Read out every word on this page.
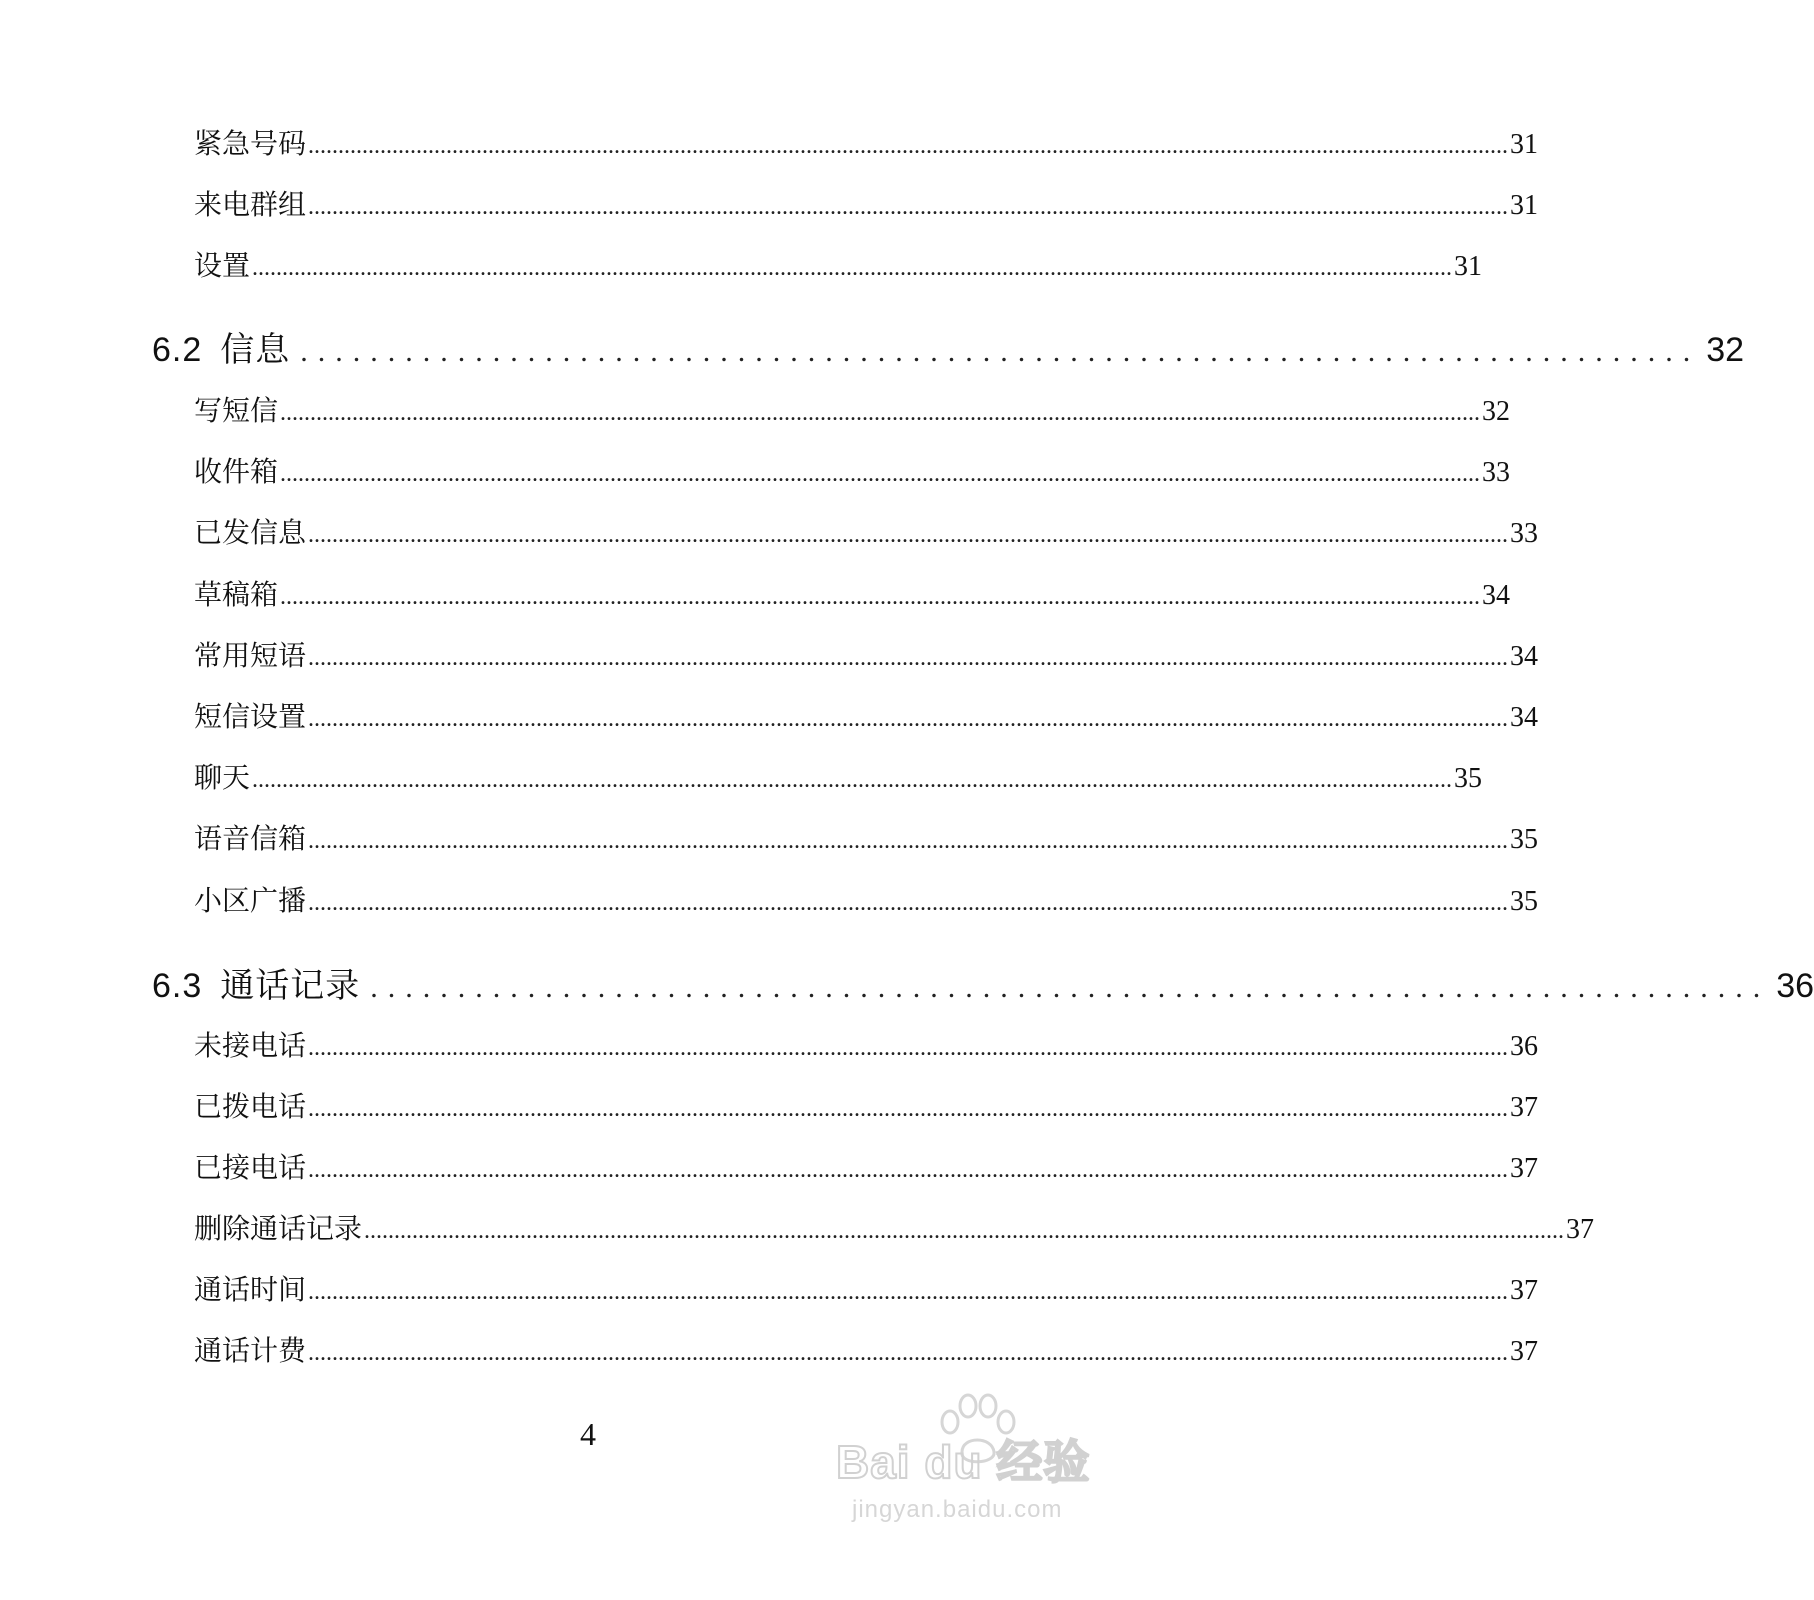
紧急号码 ........................................................................................................................................................................................................ 31
来电群组 ........................................................................................................................................................................................................ 31
设置 ........................................................................................................................................................................................................ 31
6.2 信息 ................................................................................ 32
写短信 ........................................................................................................................................................................................................ 32
收件箱 ........................................................................................................................................................................................................ 33
已发信息 ........................................................................................................................................................................................................ 33
草稿箱 ........................................................................................................................................................................................................ 34
常用短语 ........................................................................................................................................................................................................ 34
短信设置 ........................................................................................................................................................................................................ 34
聊天 ........................................................................................................................................................................................................ 35
语音信箱 ........................................................................................................................................................................................................ 35
小区广播 ........................................................................................................................................................................................................ 35
6.3 通话记录 ................................................................................ 36
未接电话 ........................................................................................................................................................................................................ 36
已拨电话 ........................................................................................................................................................................................................ 37
已接电话 ........................................................................................................................................................................................................ 37
删除通话记录 ........................................................................................................................................................................................................ 37
通话时间 ........................................................................................................................................................................................................ 37
通话计费 ........................................................................................................................................................................................................ 37
4
Bai du 经验
jingyan.baidu.com
